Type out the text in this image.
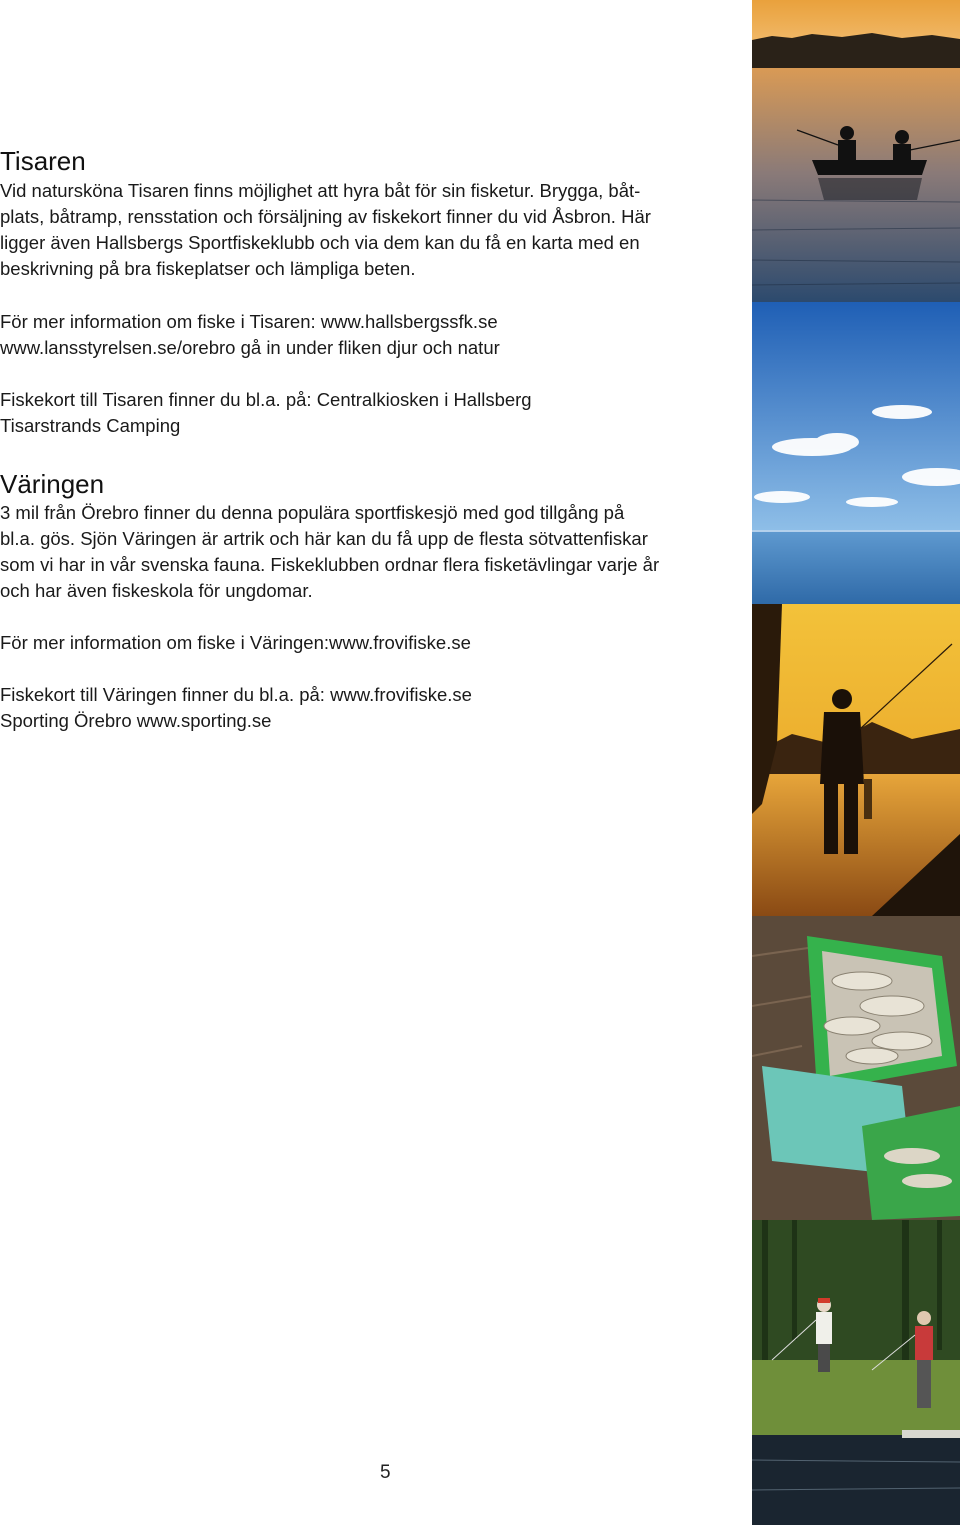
Tisaren

Vid natursköna Tisaren finns möjlighet att hyra båt för sin fisketur. Brygga, båt-
plats, båtramp, rensstation och försäljning av fiskekort finner du vid Åsbron. Här
ligger även Hallsbergs Sportfiskeklubb och via dem kan du få en karta med en
beskrivning på bra fiskeplatser och lämpliga beten.

För mer information om fiske i Tisaren: www.hallsbergssfk.se
www.lansstyrelsen.se/orebro gå in under fliken djur och natur

Fiskekort till Tisaren finner du bl.a. på: Centralkiosken i Hallsberg
Tisarstrands Camping

Väringen

3 mil från Örebro finner du denna populära sportfiskesjö med god tillgång på
bl.a. gös. Sjön Väringen är artrik och här kan du få upp de flesta sötvattenfiskar
som vi har in vår svenska fauna. Fiskeklubben ordnar flera fisketävlingar varje år
och har även fiskeskola för ungdomar.

För mer information om fiske i Väringen:www.frovifiske.se

Fiskekort till Väringen finner du bl.a. på: www.frovifiske.se
Sporting Örebro www.sporting.se

5
